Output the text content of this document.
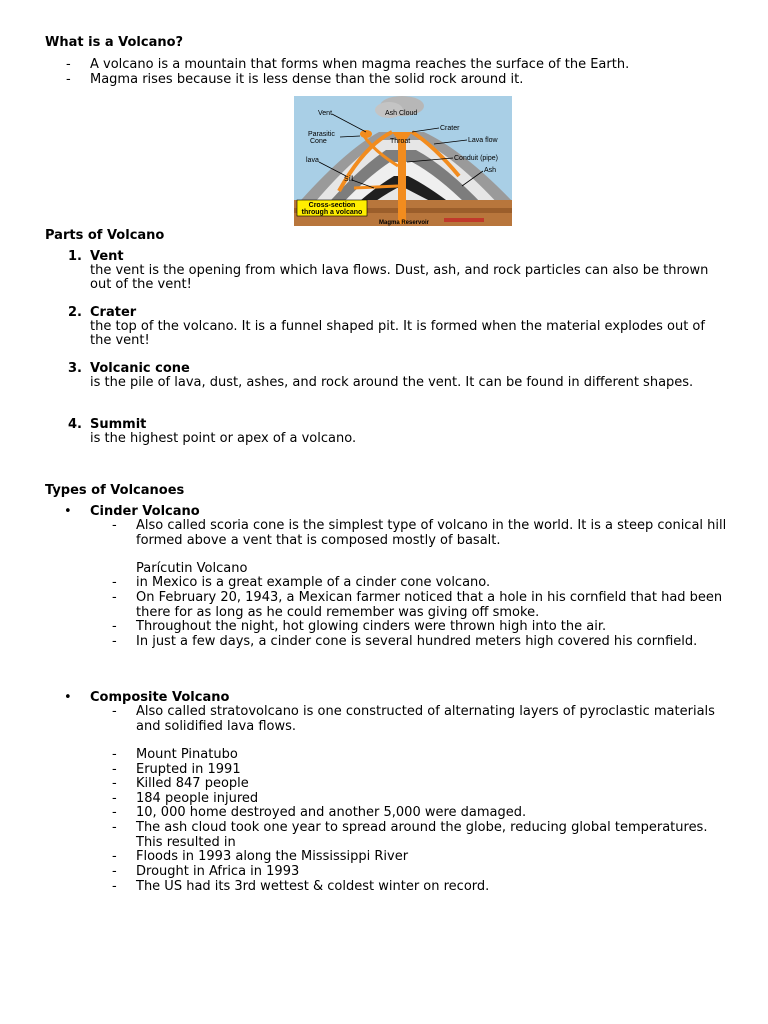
What is a Volcano?
-	A volcano is a mountain that forms when magma reaches the surface of the Earth.
-	Magma rises because it is less dense than the solid rock around it.
Vent	Ash Cloud
Crater
Parasitic
Cone	Throat	Lava flow
Conduit (pipe)
lava
Ash
Sill
Cross-section
through a volcano
Magma Reservoir
Parts of Volcano
1. Vent
the vent is the opening from which lava flows. Dust, ash, and rock particles can also be thrown out of the vent!
2. Crater
the top of the volcano. It is a funnel shaped pit. It is formed when the material explodes out of the vent!
3. Volcanic cone
is the pile of lava, dust, ashes, and rock around the vent. It can be found in different shapes.
4. Summit
is the highest point or apex of a volcano.
Types of Volcanoes
• Cinder Volcano
- Also called scoria cone is the simplest type of volcano in the world. It is a steep conical hill formed above a vent that is composed mostly of basalt.
Parícutin Volcano
- in Mexico is a great example of a cinder cone volcano.
- On February 20, 1943, a Mexican farmer noticed that a hole in his cornfield that had been there for as long as he could remember was giving off smoke.
- Throughout the night, hot glowing cinders were thrown high into the air.
- In just a few days, a cinder cone is several hundred meters high covered his cornfield.
• Composite Volcano
- Also called stratovolcano is one constructed of alternating layers of pyroclastic materials and solidified lava flows.
- Mount Pinatubo
- Erupted in 1991
- Killed 847 people
- 184 people injured
- 10, 000 home destroyed and another 5,000 were damaged.
- The ash cloud took one year to spread around the globe, reducing global temperatures. This resulted in
- Floods in 1993 along the Mississippi River
- Drought in Africa in 1993
- The US had its 3rd wettest & coldest winter on record.
